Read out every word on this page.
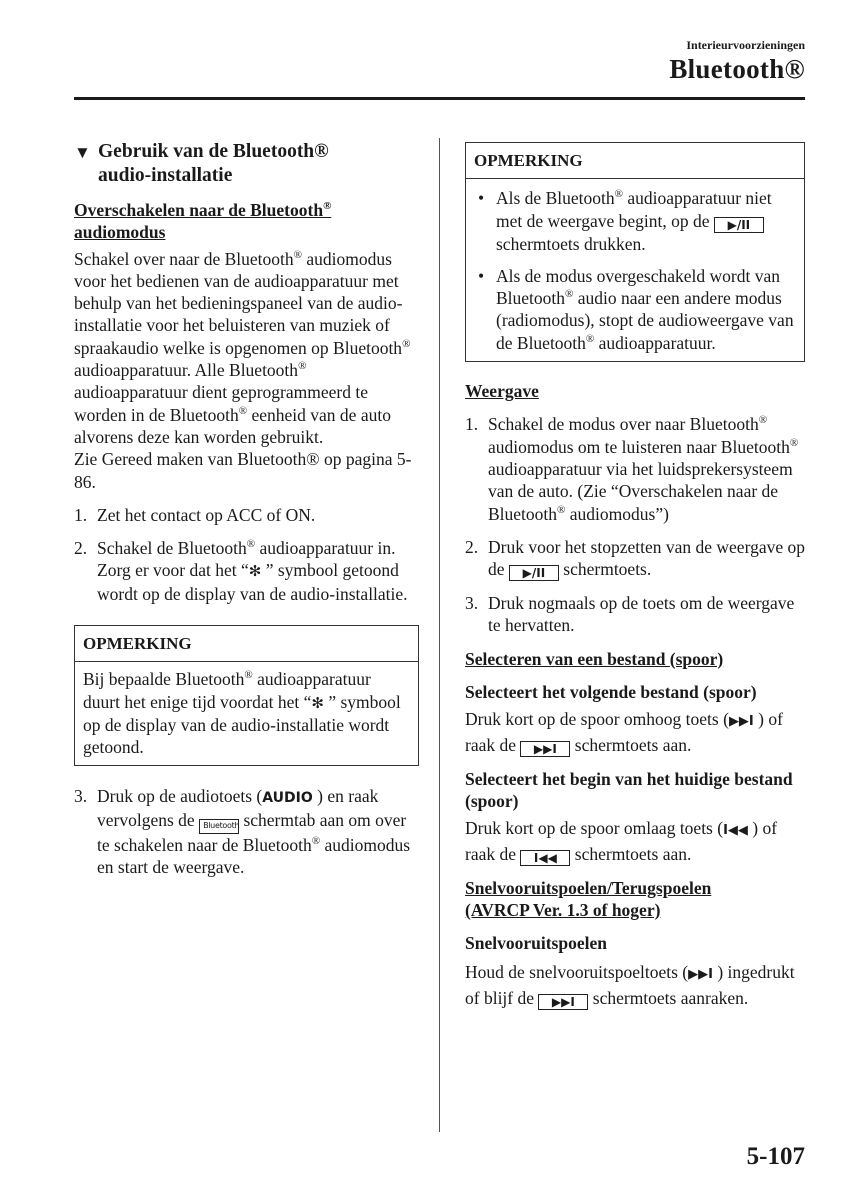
Interieurvoorzieningen
Bluetooth®
▼ Gebruik van de Bluetooth®
audio-installatie

Overschakelen naar de Bluetooth®
audiomodus

Schakel over naar de Bluetooth® audiomodus voor het bedienen van de audioapparatuur met behulp van het bedieningspaneel van de audio-installatie voor het beluisteren van muziek of spraakaudio welke is opgenomen op Bluetooth® audioapparatuur. Alle Bluetooth® audioapparatuur dient geprogrammeerd te worden in de Bluetooth® eenheid van de auto alvorens deze kan worden gebruikt.

Zie Gereed maken van Bluetooth® op pagina 5-86.

1. Zet het contact op ACC of ON.
2. Schakel de Bluetooth® audioapparatuur in.
Zorg er voor dat het “✻ ” symbool getoond wordt op de display van de audio-installatie.
OPMERKING
Bij bepaalde Bluetooth® audioapparatuur duurt het enige tijd voordat het “✻ ” symbool op de display van de audio-installatie wordt getoond.
3. Druk op de audiotoets (AUDIO ) en raak vervolgens de Bluetooth schermtab aan om over te schakelen naar de Bluetooth® audiomodus en start de weergave.
OPMERKING
• Als de Bluetooth® audioapparatuur niet met de weergave begint, op de ▶/II schermtoets drukken.
• Als de modus overgeschakeld wordt van Bluetooth® audio naar een andere modus (radiomodus), stopt de audioweergave van de Bluetooth® audioapparatuur.

Weergave

1. Schakel de modus over naar Bluetooth® audiomodus om te luisteren naar Bluetooth® audioapparatuur via het luidsprekersysteem van de auto. (Zie “Overschakelen naar de Bluetooth® audiomodus”)
2. Druk voor het stopzetten van de weergave op de ▶/II schermtoets.
3. Druk nogmaals op de toets om de weergave te hervatten.

Selecteren van een bestand (spoor)

Selecteert het volgende bestand (spoor)

Druk kort op de spoor omhoog toets (▶▶I ) of raak de ▶▶I schermtoets aan.

Selecteert het begin van het huidige bestand (spoor)

Druk kort op de spoor omlaag toets (I◀◀ ) of raak de I◀◀ schermtoets aan.

Snelvooruitspoelen/Terugspoelen
(AVRCP Ver. 1.3 of hoger)

Snelvooruitspoelen

Houd de snelvooruitspoeltoets (▶▶I ) ingedrukt of blijf de ▶▶I schermtoets aanraken.

5-107
